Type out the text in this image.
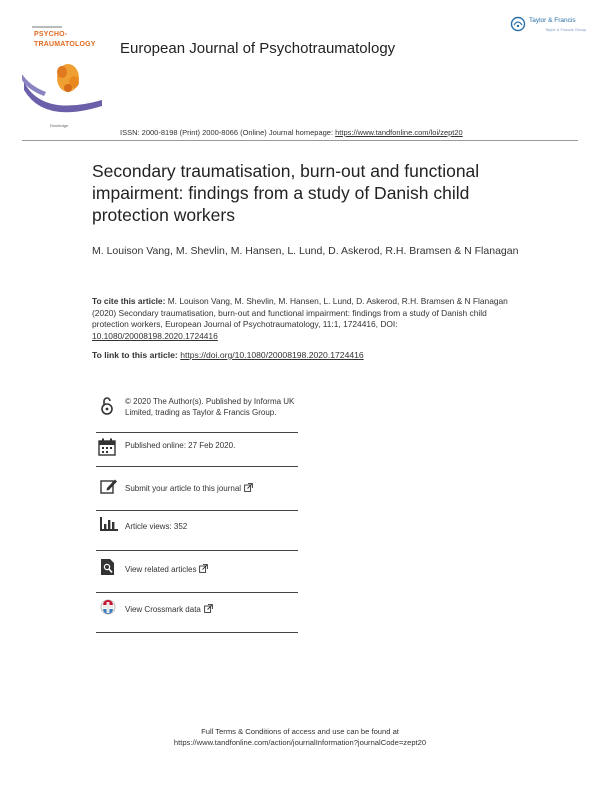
PSYCHO-
TRAUMATOLOGY
Routledge
European Journal of Psychotraumatology
Taylor & Francis
Taylor & Francis Group
ISSN: 2000-8198 (Print) 2000-8066 (Online) Journal homepage: https://www.tandfonline.com/loi/zept20
Secondary traumatisation, burn-out and functional impairment: findings from a study of Danish child protection workers
M. Louison Vang, M. Shevlin, M. Hansen, L. Lund, D. Askerod, R.H. Bramsen & N Flanagan
To cite this article: M. Louison Vang, M. Shevlin, M. Hansen, L. Lund, D. Askerod, R.H. Bramsen & N Flanagan (2020) Secondary traumatisation, burn-out and functional impairment: findings from a study of Danish child protection workers, European Journal of Psychotraumatology, 11:1, 1724416, DOI: 10.1080/20008198.2020.1724416
To link to this article: https://doi.org/10.1080/20008198.2020.1724416
© 2020 The Author(s). Published by Informa UK Limited, trading as Taylor & Francis Group.
Published online: 27 Feb 2020.
Submit your article to this journal
Article views: 352
View related articles
View Crossmark data
Full Terms & Conditions of access and use can be found at
https://www.tandfonline.com/action/journalInformation?journalCode=zept20
